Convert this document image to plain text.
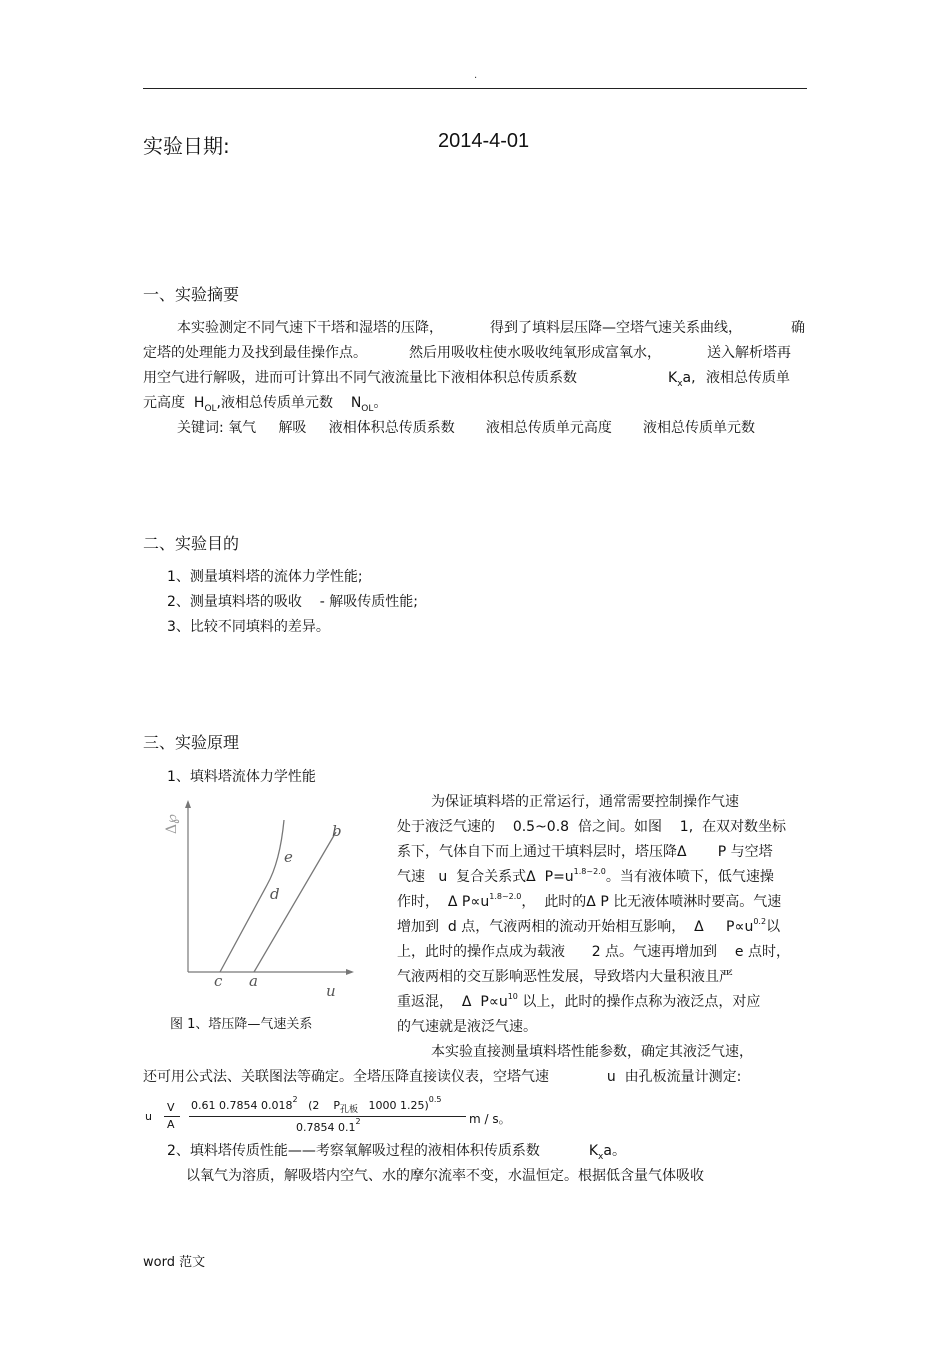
.
实验日期:	2014-4-01
一、实验摘要
本实验测定不同气速下干塔和湿塔的压降，	得到了填料层压降—空塔气速关系曲线，	确
定塔的处理能力及找到最佳操作点。	然后用吸收柱使水吸收纯氧形成富氧水，	送入解析塔再
用空气进行解吸，进而可计算出不同气液流量比下液相体积总传质系数	$K_xa$, 液相总传质单
元高度 $H_{OL}$,液相总传质单元数 $N_{OL}$。
关键词: 氧气 解吸 液相体积总传质系数 液相总传质单元高度 液相总传质单元数
二、实验目的
1、测量填料塔的流体力学性能;
2、测量填料塔的吸收 - 解吸传质性能;
3、比较不同填料的差异。
三、实验原理
1、填料塔流体力学性能
Δ℘	b
e
d
c a
u
图 1、塔压降—气速关系
为保证填料塔的正常运行，通常需要控制操作气速
处于液泛气速的 0.5~0.8 倍之间。如图 1, 在双对数坐标
系下，气体自下而上通过干填料层时，塔压降Δ P 与空塔
气速 u 复合关系式Δ $P=u^{1.8\sim 2.0}$。当有液体喷下，低气速操
作时， Δ $P\propto u^{1.8\sim 2.0}$， 此时的Δ P 比无液体喷淋时要高。气速
增加到 d 点，气液两相的流动开始相互影响， Δ $P\propto u^{0.2}$以
上，此时的操作点成为载液 2 点。气速再增加到 e 点时，
气液两相的交互影响恶性发展，导致塔内大量积液且严
重返混， Δ $P\propto u^{10}$ 以上，此时的操作点称为液泛点，对应
的气速就是液泛气速。
本实验直接测量填料塔性能参数，确定其液泛气速，
还可用公式法、关联图法等确定。全塔压降直接读仪表，空塔气速	u 由孔板流量计测定:
u
V
A
0.61 0.7854 0.018$^2$ (2 $P_{孔板}$ 1000 1.25)$^{0.5}$
0.7854 $0.1^2$	m / s。
2、填料塔传质性能——考察氧解吸过程的液相体积传质系数	$K_xa$。
以氧气为溶质，解吸塔内空气、水的摩尔流率不变，水温恒定。根据低含量气体吸收
word 范文
